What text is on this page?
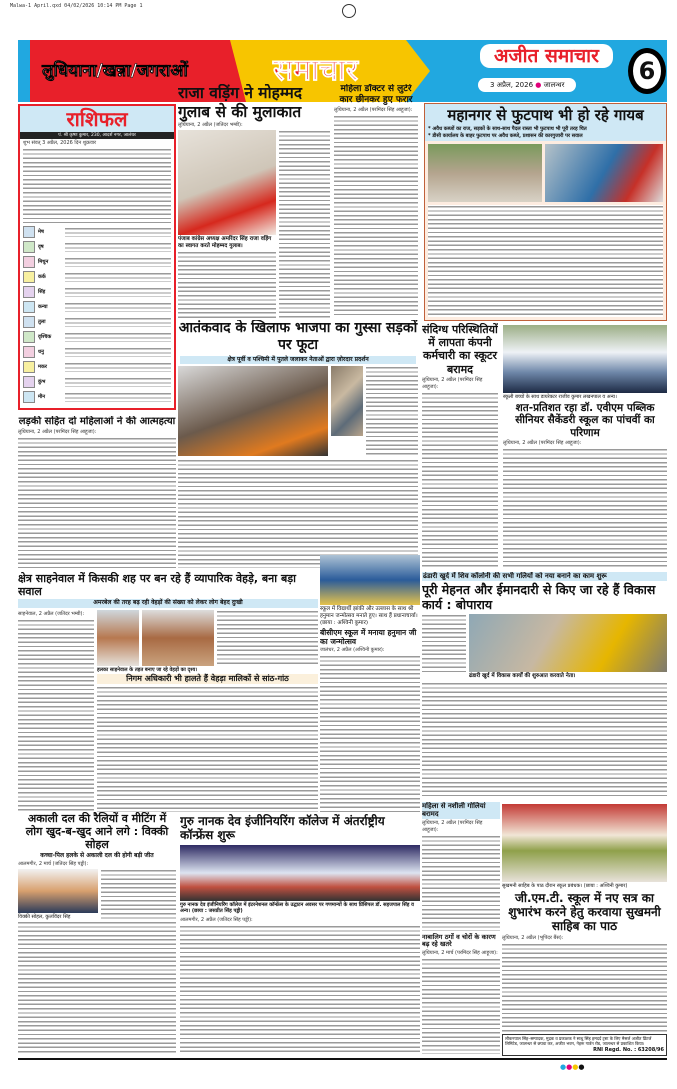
Malwa-1 April.qxd 04/02/2026 10:14 PM Page 1
लुधियाना/खन्ना/जगराओं	समाचार	अजीत समाचार
3 अप्रैल, 2026 ● जालन्धर	6
राशिफल
पं. श्री कृष्ण कुमार, 230, आदर्श नगर, जालंधर
शुभ संवत् 3 अप्रैल, 2026 दिन शुक्रवार
मेष
वृष
मिथुन
कर्क
सिंह
कन्या
तुला
वृश्चिक
धनु
मकर
कुंभ
मीन
राजा वड़िंग ने मोहम्मद गुलाब से की मुलाकात
लुधियाना, 2 अप्रैल (जतिंदर भम्बी):
पंजाब कांग्रेस अध्यक्ष अमरिंदर सिंह राजा वड़िंग का स्वागत करते मोहम्मद गुलाब।
महिला डॉक्टर से लुटेरे कार छीनकर हुए फरार
लुधियाना, 2 अप्रैल (परमिंदर सिंह आहूजा):	महानगर से फुटपाथ भी हो रहे गायब
* अवैध कब्जों का राज, सड़कों के साथ-साथ पैदल रास्ता भी फुटपाथ भी पूरी तरह चित
* डीसी कार्यालय के बाहर फुटपाथ पर अवैध कब्जे, प्रशासन की कारगुजारी पर सवाल
आतंकवाद के खिलाफ भाजपा का गुस्सा सड़कों पर फूटा
क्षेत्र पूर्वी व पश्चिमी में पुतले जलाकर नेताओं द्वारा ज़ोरदार प्रदर्शन
संदिग्ध परिस्थितियों में लापता कंपनी कर्मचारी का स्कूटर बरामद
लुधियाना, 2 अप्रैल (परमिंदर सिंह आहूजा):
स्कूली बच्चों के साथ डायरेक्टर राजीव कुमार लखनपाल व अन्य।
शत-प्रतिशत रहा डॉ. एवीएम पब्लिक सीनियर सैकेंडरी स्कूल का पांचवीं का परिणाम
लुधियाना, 2 अप्रैल (परमिंदर सिंह आहूजा):
लड़की सहित दो महिलाओं ने की आत्महत्या
लुधियाना, 2 अप्रैल (परमिंदर सिंह आहूजा):
क्षेत्र साहनेवाल में किसकी शह पर बन रहे हैं व्यापारिक वेहड़े, बना बड़ा सवाल
अमरबेल की तरह बढ़ रही वेहड़ों की संख्या को लेकर लोग बेहद दुःखी
साहनेवाल, 2 अप्रैल (जतिंदर भम्बी):
हलका साहनेवाल के तहत बनाए जा रहे वेहड़ों का दृश्य।
निगम अधिकारी भी हालते हैं वेहड़ा मालिकों से सांठ-गांठ
स्कूल में विद्यार्थी झांकी और उल्लास के साथ श्री हनुमान जन्मोत्सव मनाते हुए। साथ हैं प्रधानाचार्या। (छाया : अश्विनी कुमार)
बीसीएम स्कूल में मनाया हनुमान जी का जन्मोत्सव
जालंधर, 2 अप्रैल (अश्विनी कुमार):
ढंडारी खुर्द में शिव कॉलोनी की सभी गलियों को नया बनाने का काम शुरू
पूरी मेहनत और ईमानदारी से किए जा रहे हैं विकास कार्य : बोपाराय
ढंडारी खुर्द में विकास कार्यों की शुरुआत करवाते नेता।
अकाली दल की रैलियों व मीटिंग में लोग खुद-ब-खुद आने लगे : विक्की सोहल
कच्चा-पिल हलके से अकाली दल की होगी बड़ी जीत
आलमगीर, 2 मार्च (जतिंदर सिंह पड्डी):
विक्की सोहल, कुलविंदर सिंह
गुरु नानक देव इंजीनियरिंग कॉलेज में अंतर्राष्ट्रीय कॉन्फ्रेंस शुरू
गुरु नानक देव इंजीनियरिंग कॉलेज में इंटरनेशनल कॉन्फ्रेंस के उद्घाटन अवसर पर गणमान्यों के साथ प्रिंसिपल डॉ. सहजपाल सिंह व अन्य। (छाया : जसप्रीत सिंह पड्डी)
आलमगीर, 2 अप्रैल (जतिंदर सिंह पड्डी):
महिला से नशीली गोलियां बरामद
लुधियाना, 2 अप्रैल (परमिंदर सिंह आहूजा):
नाबालिग ठगों व चोरों के कारण बढ़ रहे खतरे
लुधियाना, 2 मार्च (परमिंदर सिंह आहूजा):
सुखमनी साहिब के पाठ दौरान स्कूल प्रबंधक। (छाया : अश्विनी कुमार)
जी.एम.टी. स्कूल में नए सत्र का शुभारंभ करने हेतु करवाया सुखमनी साहिब का पाठ
लुधियाना, 2 अप्रैल (भूपिंदर बैंस):
लीकनपाल सिंह–सम्पादक, मुद्रक व प्रकाशक ने साधु सिंह हमदर्द ट्रस्ट के लिए मैसर्ज अजीत प्रिंटर्ज लिमिटेड, जालन्धर से छपवा कर, अजीत भवन, नेहरू गार्डन रोड, जालन्धर से प्रकाशित किया।
RNI Regd. No. : 63208/96
●●●●
